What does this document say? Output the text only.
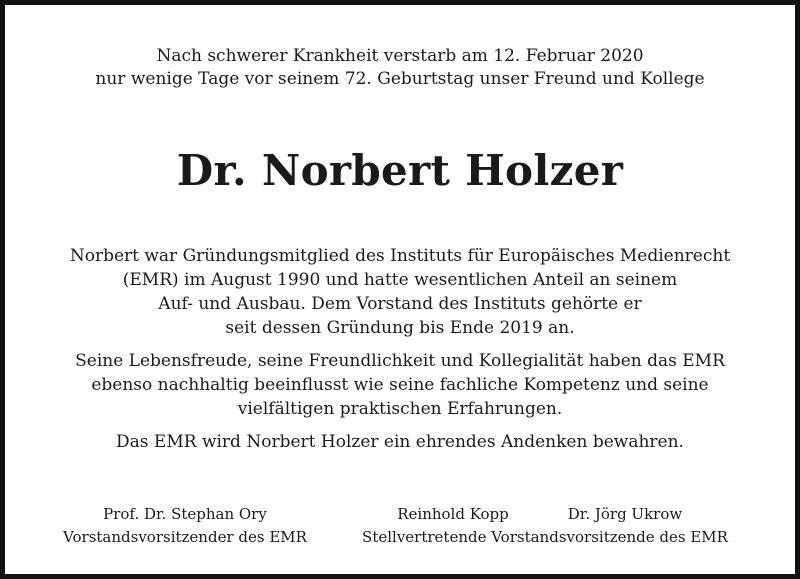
Nach schwerer Krankheit verstarb am 12. Februar 2020
nur wenige Tage vor seinem 72. Geburtstag unser Freund und Kollege
Dr. Norbert Holzer
Norbert war Gründungsmitglied des Instituts für Europäisches Medienrecht
(EMR) im August 1990 und hatte wesentlichen Anteil an seinem
Auf- und Ausbau. Dem Vorstand des Instituts gehörte er
seit dessen Gründung bis Ende 2019 an.
Seine Lebensfreude, seine Freundlichkeit und Kollegialität haben das EMR
ebenso nachhaltig beeinflusst wie seine fachliche Kompetenz und seine
vielfältigen praktischen Erfahrungen.
Das EMR wird Norbert Holzer ein ehrendes Andenken bewahren.
Prof. Dr. Stephan Ory
Vorstandsvorsitzender des EMR
Reinhold Kopp	Dr. Jörg Ukrow
Stellvertretende Vorstandsvorsitzende des EMR
